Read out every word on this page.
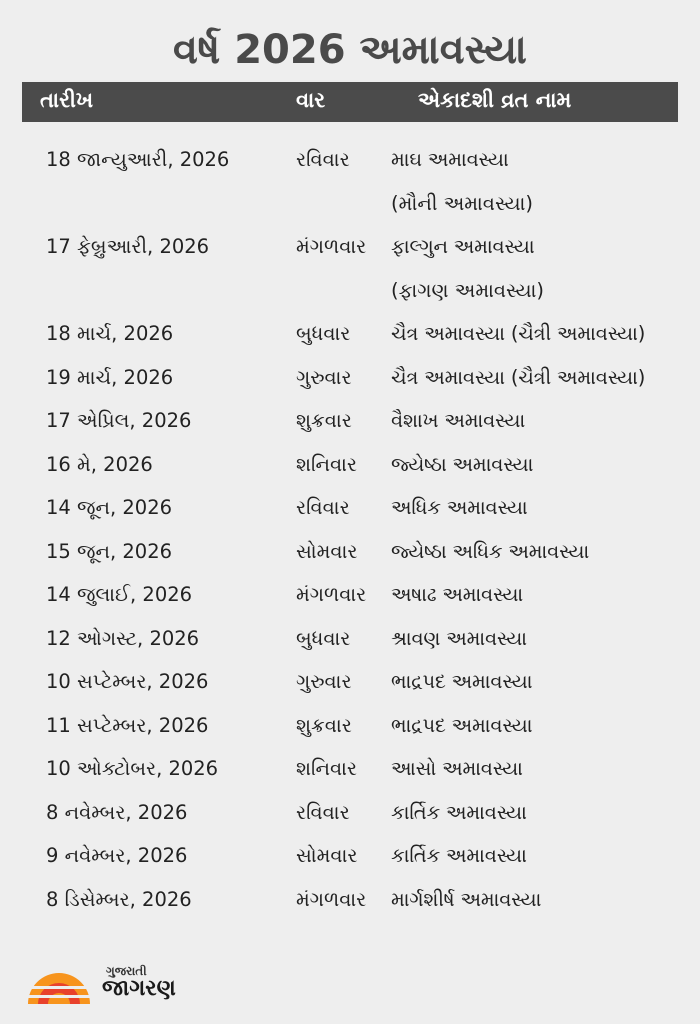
વર્ષ 2026 અમાવસ્યા
તારીખ	વાર	એકાદશી વ્રત નામ
18 જાન્યુઆરી, 2026	રવિવાર માઘ અમાવસ્યા
(મૌની અમાવસ્યા)
17 ફેબ્રુઆરી, 2026	મંગળવાર ફાલ્ગુન અમાવસ્યા
(ફાગણ અમાવસ્યા)
18 માર્ચ, 2026	બુધવાર ચૈત્ર અમાવસ્યા (ચૈત્રી અમાવસ્યા)
19 માર્ચ, 2026	ગુરુવાર ચૈત્ર અમાવસ્યા (ચૈત્રી અમાવસ્યા)
17 એપ્રિલ, 2026	શુક્રવાર વૈશાખ અમાવસ્યા
16 મે, 2026	શનિવાર જ્યેષ્ઠા અમાવસ્યા
14 જૂન, 2026	રવિવાર અધિક અમાવસ્યા
15 જૂન, 2026	સોમવાર જ્યેષ્ઠા અધિક અમાવસ્યા
14 જુલાઈ, 2026	મંગળવાર અષાઢ અમાવસ્યા
12 ઓગસ્ટ, 2026	બુધવાર શ્રાવણ અમાવસ્યા
10 સપ્ટેમ્બર, 2026	ગુરુવાર ભાદ્રપદ અમાવસ્યા
11 સપ્ટેમ્બર, 2026	શુક્રવાર ભાદ્રપદ અમાવસ્યા
10 ઓક્ટોબર, 2026	શનિવાર આસો અમાવસ્યા
8 નવેમ્બર, 2026	રવિવાર કાર્તિક અમાવસ્યા
9 નવેમ્બર, 2026	સોમવાર કાર્તિક અમાવસ્યા
8 ડિસેમ્બર, 2026	મંગળવાર માર્ગશીર્ષ અમાવસ્યા
ગુજરાતી
જાગરણ
